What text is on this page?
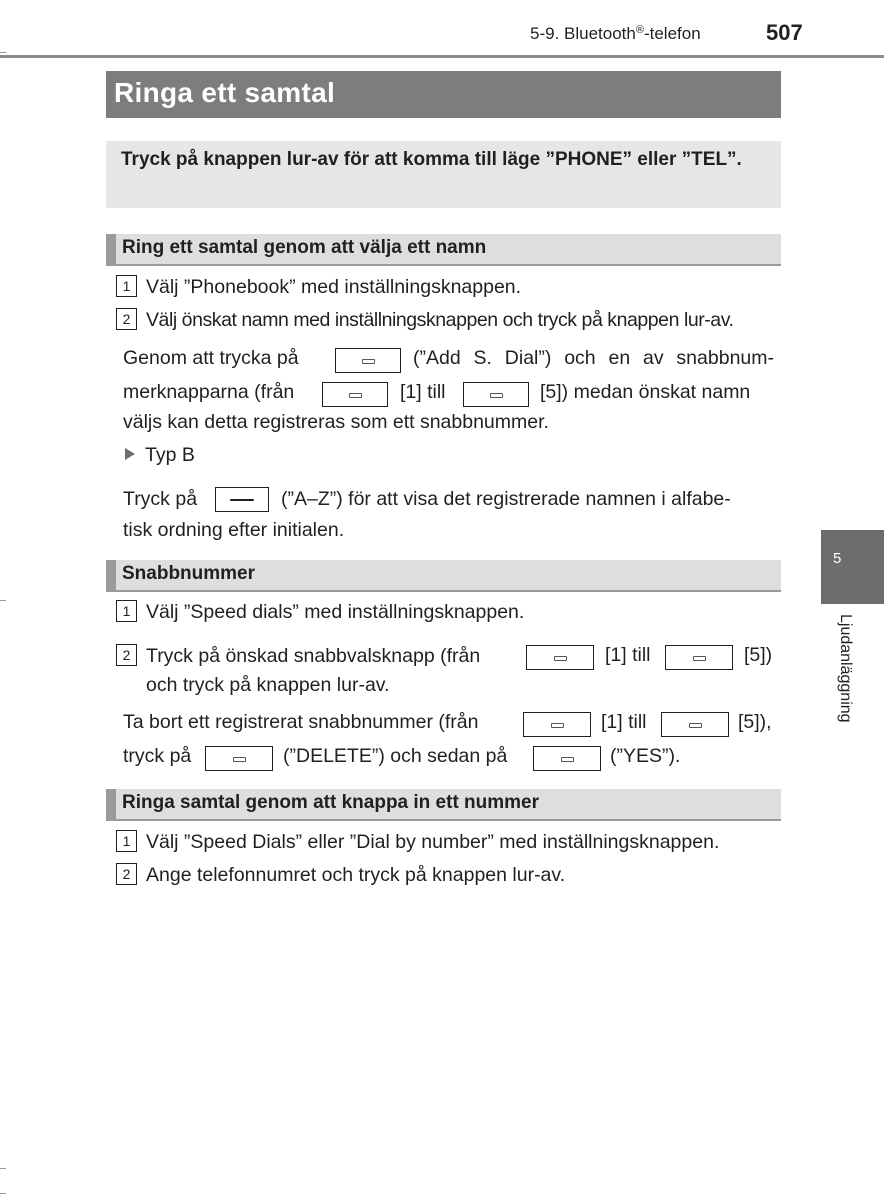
5-9. Bluetooth®-telefon	507
Ringa ett samtal
Tryck på knappen lur-av för att komma till läge ”PHONE” eller ”TEL”.
Ring ett samtal genom att välja ett namn
1 Välj ”Phonebook” med inställningsknappen.
2 Välj önskat namn med inställningsknappen och tryck på knappen lur-av.
Genom att trycka på	(”Add S. Dial”) och en av snabbnum-
merknapparna (från	[1] till	[5]) medan önskat namn
väljs kan detta registreras som ett snabbnummer.
Typ B
Tryck på	(”A–Z”) för att visa det registrerade namnen i alfabe-
tisk ordning efter initialen.
Snabbnummer
1 Välj ”Speed dials” med inställningsknappen.
2 Tryck på önskad snabbvalsknapp (från	[1] till	[5])
och tryck på knappen lur-av.
Ta bort ett registrerat snabbnummer (från	[1] till	[5]),
tryck på	(”DELETE”) och sedan på	(”YES”).
Ringa samtal genom att knappa in ett nummer
1 Välj ”Speed Dials” eller ”Dial by number” med inställningsknappen.
2 Ange telefonnumret och tryck på knappen lur-av.
5
Ljudanläggning
